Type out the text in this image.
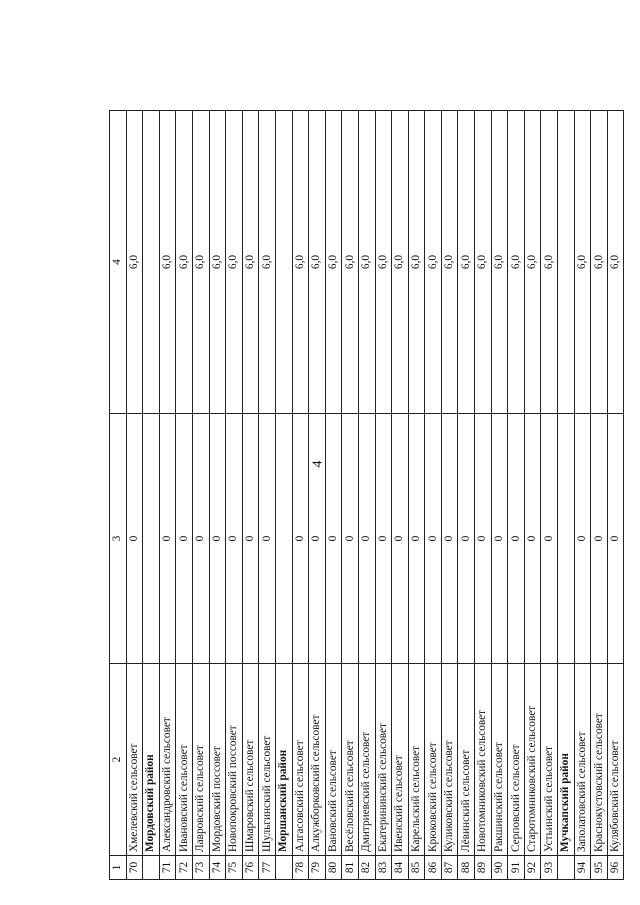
4
1	2	3	4
70	Хмелевский сельсовет	0	6,0
	Мордовский район		
71	Александровский сельсовет	0	6,0
72	Ивановский сельсовет	0	6,0
73	Лавровский сельсовет	0	6,0
74	Мордовский поссовет	0	6,0
75	Новопокровский поссовет	0	6,0
76	Шмаровский сельсовет	0	6,0
77	Шульгинский сельсовет	0	6,0
	Моршанский район		
78	Алгасовский сельсовет	0	6,0
79	Алкужборковский сельсовет	0	6,0
80	Вановский сельсовет	0	6,0
81	Весёловский сельсовет	0	6,0
82	Дмитриевский сельсовет	0	6,0
83	Екатерининский сельсовет	0	6,0
84	Ивенский сельсовет	0	6,0
85	Карельский сельсовет	0	6,0
86	Крюковский сельсовет	0	6,0
87	Куликовский сельсовет	0	6,0
88	Лёвинский сельсовет	0	6,0
89	Новотомниковский сельсовет	0	6,0
90	Ракшинский сельсовет	0	6,0
91	Серповский сельсовет	0	6,0
92	Старотомниковский сельсовет	0	6,0
93	Устьинский сельсовет	0	6,0
	Мучкапский район		
94	Заполатовский сельсовет	0	6,0
95	Краснокустовский сельсовет	0	6,0
96	Кулябовский сельсовет	0	6,0
